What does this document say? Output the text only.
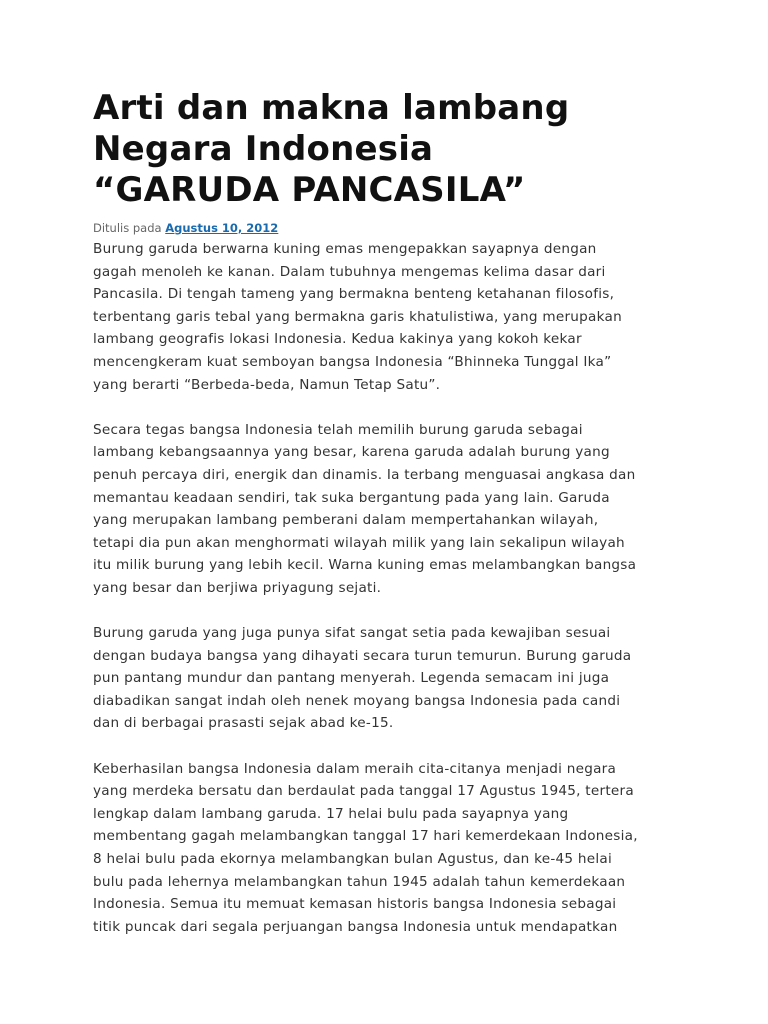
Arti dan makna lambang
Negara Indonesia
“GARUDA PANCASILA”
Ditulis pada Agustus 10, 2012

Burung garuda berwarna kuning emas mengepakkan sayapnya dengan
gagah menoleh ke kanan. Dalam tubuhnya mengemas kelima dasar dari
Pancasila. Di tengah tameng yang bermakna benteng ketahanan filosofis,
terbentang garis tebal yang bermakna garis khatulistiwa, yang merupakan
lambang geografis lokasi Indonesia. Kedua kakinya yang kokoh kekar
mencengkeram kuat semboyan bangsa Indonesia “Bhinneka Tunggal Ika”
yang berarti “Berbeda-beda, Namun Tetap Satu”.

Secara tegas bangsa Indonesia telah memilih burung garuda sebagai
lambang kebangsaannya yang besar, karena garuda adalah burung yang
penuh percaya diri, energik dan dinamis. Ia terbang menguasai angkasa dan
memantau keadaan sendiri, tak suka bergantung pada yang lain. Garuda
yang merupakan lambang pemberani dalam mempertahankan wilayah,
tetapi dia pun akan menghormati wilayah milik yang lain sekalipun wilayah
itu milik burung yang lebih kecil. Warna kuning emas melambangkan bangsa
yang besar dan berjiwa priyagung sejati.

Burung garuda yang juga punya sifat sangat setia pada kewajiban sesuai
dengan budaya bangsa yang dihayati secara turun temurun. Burung garuda
pun pantang mundur dan pantang menyerah. Legenda semacam ini juga
diabadikan sangat indah oleh nenek moyang bangsa Indonesia pada candi
dan di berbagai prasasti sejak abad ke-15.

Keberhasilan bangsa Indonesia dalam meraih cita-citanya menjadi negara
yang merdeka bersatu dan berdaulat pada tanggal 17 Agustus 1945, tertera
lengkap dalam lambang garuda. 17 helai bulu pada sayapnya yang
membentang gagah melambangkan tanggal 17 hari kemerdekaan Indonesia,
8 helai bulu pada ekornya melambangkan bulan Agustus, dan ke-45 helai
bulu pada lehernya melambangkan tahun 1945 adalah tahun kemerdekaan
Indonesia. Semua itu memuat kemasan historis bangsa Indonesia sebagai
titik puncak dari segala perjuangan bangsa Indonesia untuk mendapatkan
